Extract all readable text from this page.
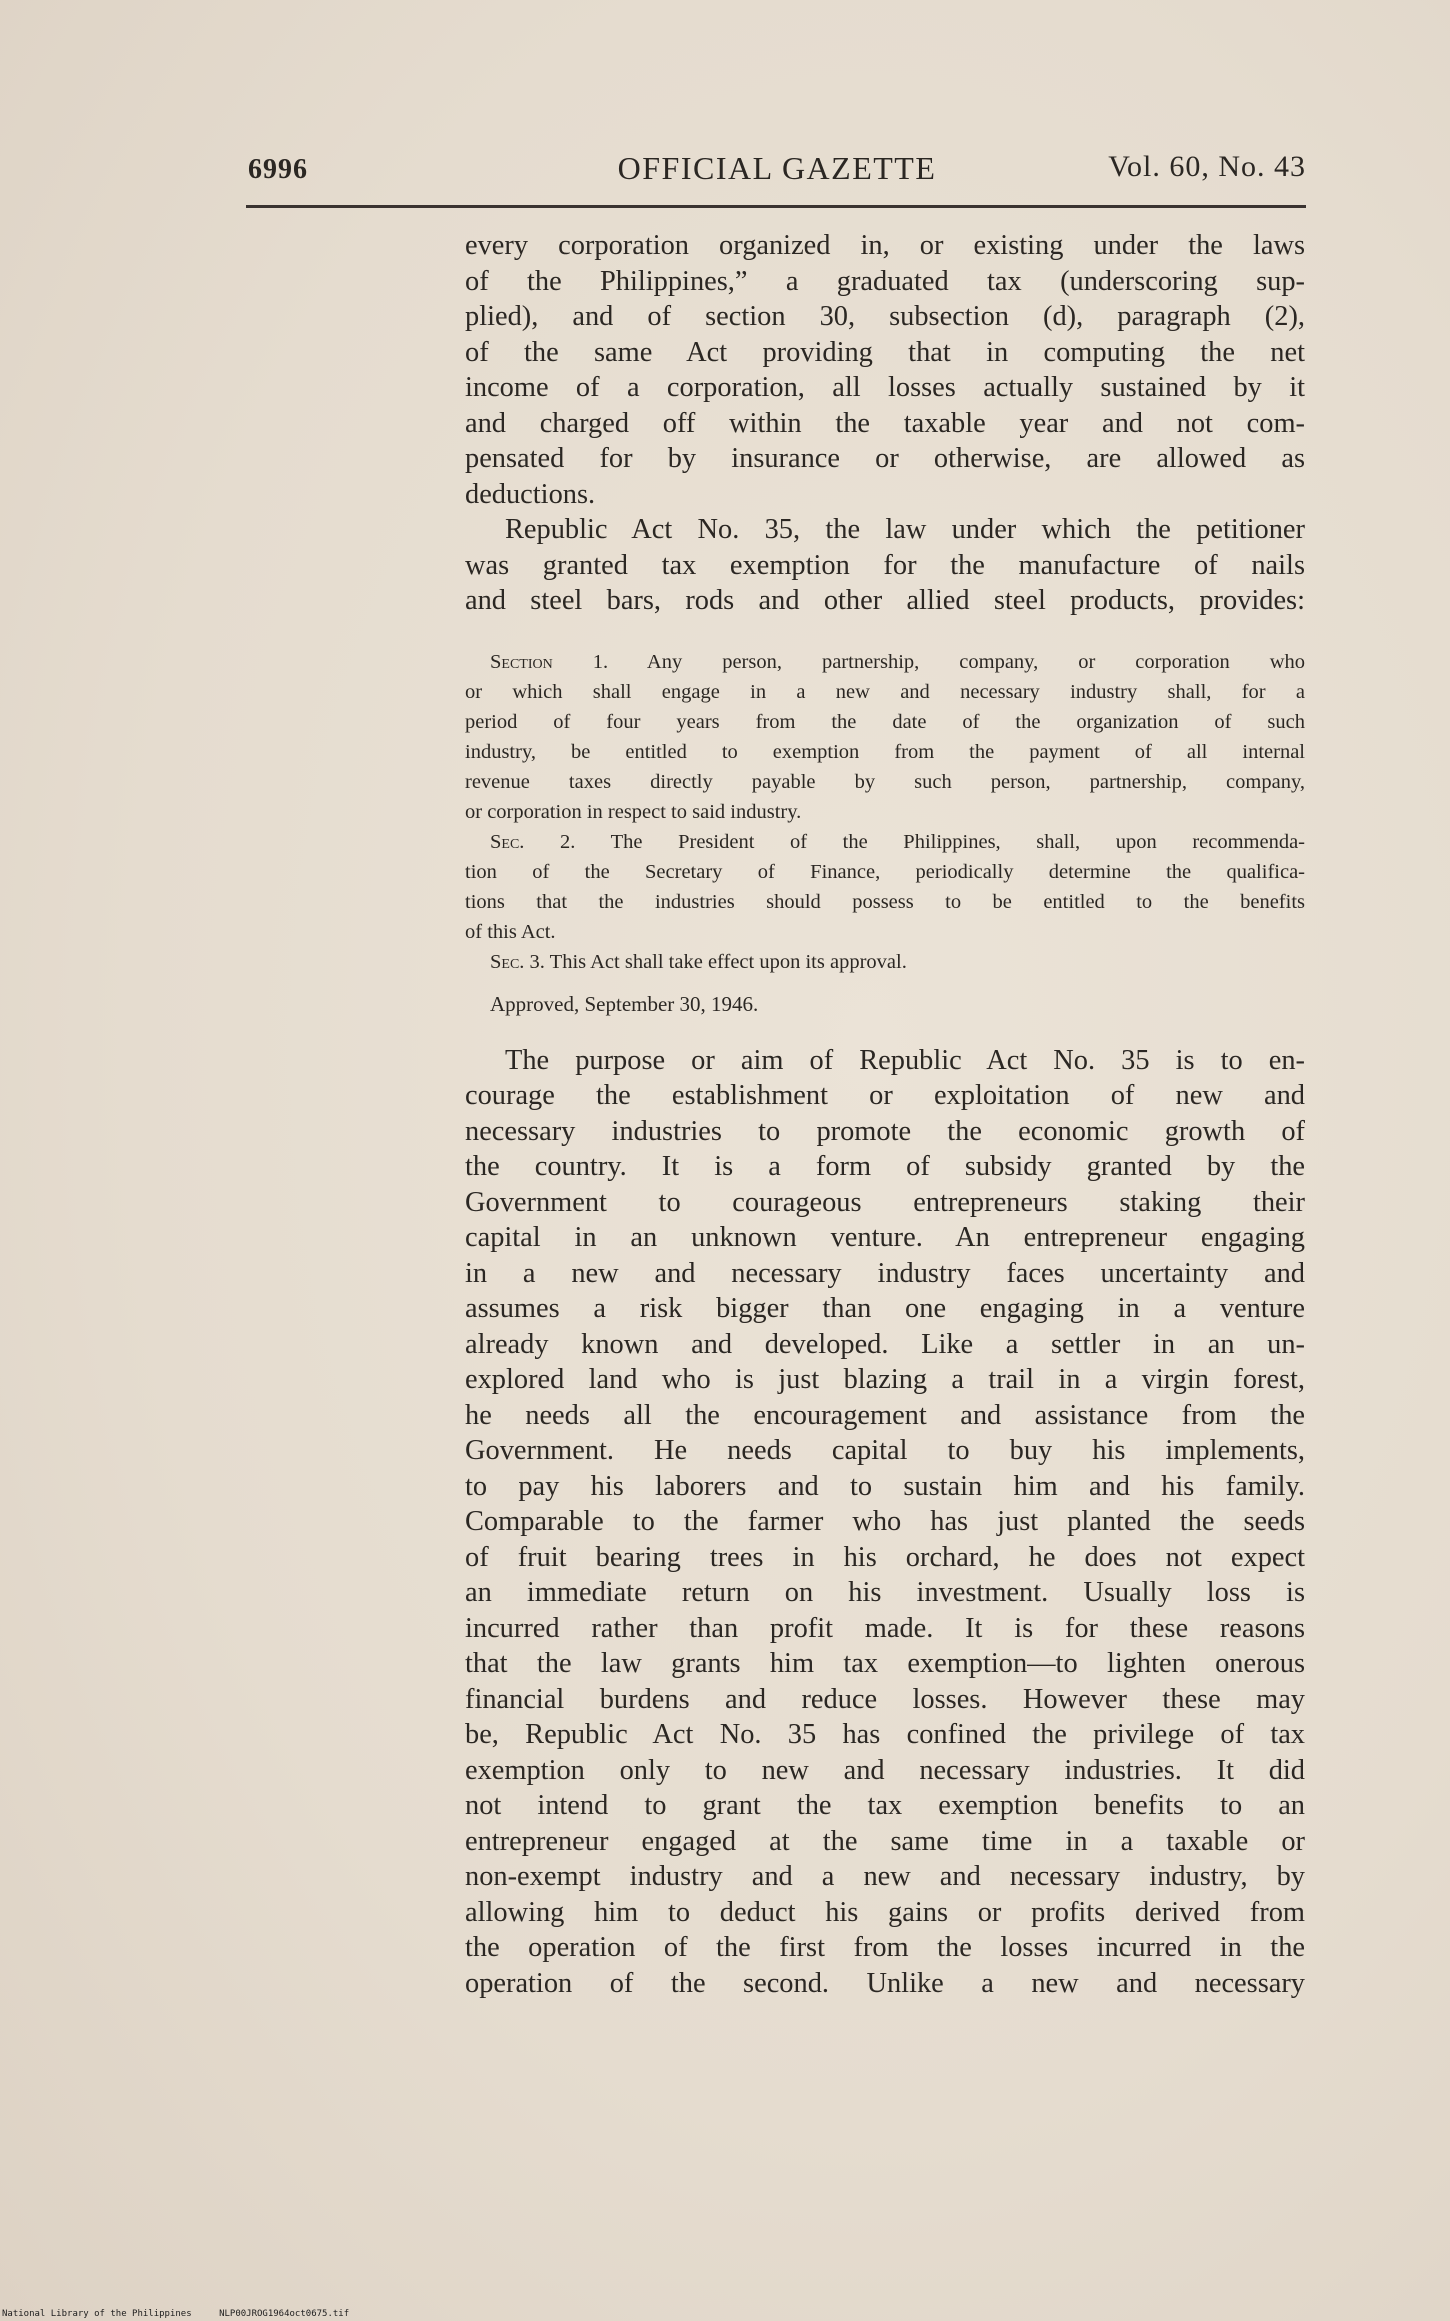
6996	OFFICIAL GAZETTE	Vol. 60, No. 43

every corporation organized in, or existing under the laws
of the Philippines,” a graduated tax (underscoring sup-
plied), and of section 30, subsection (d), paragraph (2),
of the same Act providing that in computing the net
income of a corporation, all losses actually sustained by it
and charged off within the taxable year and not com-
pensated for by insurance or otherwise, are allowed as
deductions.

Republic Act No. 35, the law under which the petitioner
was granted tax exemption for the manufacture of nails
and steel bars, rods and other allied steel products, provides:

Section 1. Any person, partnership, company, or corporation who
or which shall engage in a new and necessary industry shall, for a
period of four years from the date of the organization of such
industry, be entitled to exemption from the payment of all internal
revenue taxes directly payable by such person, partnership, company,
or corporation in respect to said industry.

Sec. 2. The President of the Philippines, shall, upon recommenda-
tion of the Secretary of Finance, periodically determine the qualifica-
tions that the industries should possess to be entitled to the benefits
of this Act.

Sec. 3. This Act shall take effect upon its approval.

Approved, September 30, 1946.

The purpose or aim of Republic Act No. 35 is to en-
courage the establishment or exploitation of new and
necessary industries to promote the economic growth of
the country. It is a form of subsidy granted by the
Government to courageous entrepreneurs staking their
capital in an unknown venture. An entrepreneur engaging
in a new and necessary industry faces uncertainty and
assumes a risk bigger than one engaging in a venture
already known and developed. Like a settler in an un-
explored land who is just blazing a trail in a virgin forest,
he needs all the encouragement and assistance from the
Government. He needs capital to buy his implements,
to pay his laborers and to sustain him and his family.
Comparable to the farmer who has just planted the seeds
of fruit bearing trees in his orchard, he does not expect
an immediate return on his investment. Usually loss is
incurred rather than profit made. It is for these reasons
that the law grants him tax exemption—to lighten onerous
financial burdens and reduce losses. However these may
be, Republic Act No. 35 has confined the privilege of tax
exemption only to new and necessary industries. It did
not intend to grant the tax exemption benefits to an
entrepreneur engaged at the same time in a taxable or
non-exempt industry and a new and necessary industry, by
allowing him to deduct his gains or profits derived from
the operation of the first from the losses incurred in the
operation of the second. Unlike a new and necessary

National Library of the Philippines	NLP00JROG1964oct0675.tif
